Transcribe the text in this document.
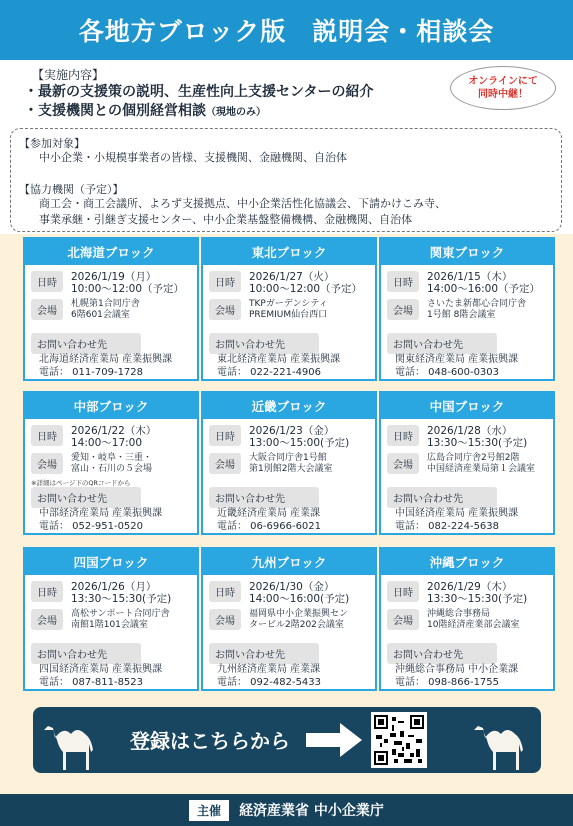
各地方ブロック版　説明会・相談会
【実施内容】
・最新の支援策の説明、生産性向上支援センターの紹介
・支援機関との個別経営相談（現地のみ）
オンラインにて
同時中継！
【参加対象】
中小企業・小規模事業者の皆様、支援機関、金融機関、自治体
【協力機関（予定）】
商工会・商工会議所、よろず支援拠点、中小企業活性化協議会、下請かけこみ寺、
事業承継・引継ぎ支援センター、中小企業基盤整備機構、金融機関、自治体
北海道ブロック
日時
2026/1/19（月）
10:00～12:00（予定）
会場
札幌第1合同庁舎
6階601会議室
お問い合わせ先
北海道経済産業局 産業振興課
電話： 011-709-1728
東北ブロック
日時
2026/1/27（火）
10:00～12:00（予定）
会場
TKPガーデンシティ
PREMIUM仙台西口
お問い合わせ先
東北経済産業局 産業振興課
電話： 022-221-4906
関東ブロック
日時
2026/1/15（木）
14:00～16:00（予定）
会場
さいたま新都心合同庁舎
1号館 8階会議室
お問い合わせ先
関東経済産業局 産業振興課
電話： 048-600-0303
中部ブロック
日時
2026/1/22（木）
14:00～17:00
会場
愛知・岐阜・三重・
富山・石川の５会場
※詳細はページ下のQRコードから
お問い合わせ先
中部経済産業局 産業振興課
電話： 052-951-0520
近畿ブロック
日時
2026/1/23（金）
13:00～15:00(予定)
会場
大阪合同庁舎1号館
第1別館2階大会議室
お問い合わせ先
近畿経済産業局 産業課
電話： 06-6966-6021
中国ブロック
日時
2026/1/28（水）
13:30～15:30(予定)
会場
広島合同庁舎2号館2階
中国経済産業局第１会議室
お問い合わせ先
中国経済産業局 産業振興課
電話： 082-224-5638
四国ブロック
日時
2026/1/26（月）
13:30～15:30(予定)
会場
高松サンポート合同庁舎
南館1階101会議室
お問い合わせ先
四国経済産業局 産業振興課
電話： 087-811-8523
九州ブロック
日時
2026/1/30（金）
14:00～16:00(予定)
会場
福岡県中小企業振興セン
タービル2階202会議室
お問い合わせ先
九州経済産業局 産業課
電話： 092-482-5433
沖縄ブロック
日時
2026/1/29（木）
13:30～15:30(予定)
会場
沖縄総合事務局
10階経済産業部会議室
お問い合わせ先
沖縄総合事務局 中小企業課
電話： 098-866-1755
登録はこちらから
主催	経済産業省 中小企業庁
